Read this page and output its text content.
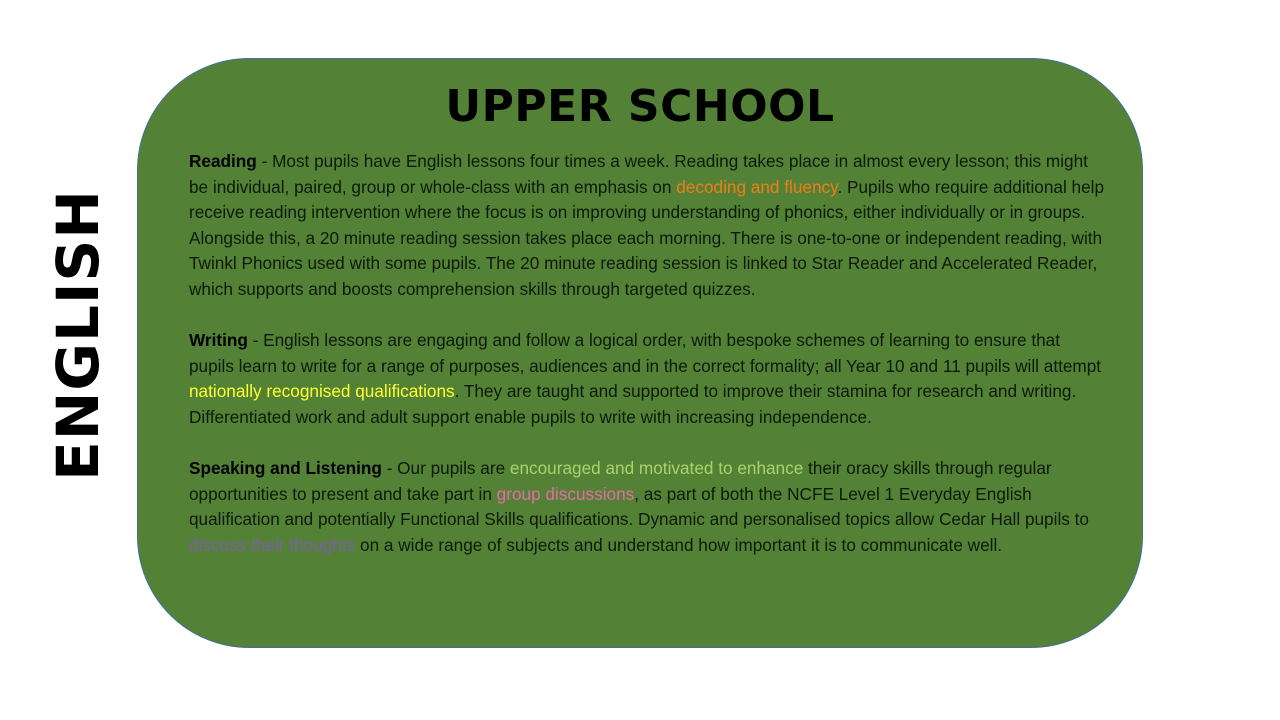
ENGLISH
UPPER SCHOOL

Reading - Most pupils have English lessons four times a week. Reading takes place in almost every lesson; this might be individual, paired, group or whole-class with an emphasis on decoding and fluency. Pupils who require additional help receive reading intervention where the focus is on improving understanding of phonics, either individually or in groups. Alongside this, a 20 minute reading session takes place each morning. There is one-to-one or independent reading, with Twinkl Phonics used with some pupils. The 20 minute reading session is linked to Star Reader and Accelerated Reader, which supports and boosts comprehension skills through targeted quizzes.

Writing - English lessons are engaging and follow a logical order, with bespoke schemes of learning to ensure that pupils learn to write for a range of purposes, audiences and in the correct formality; all Year 10 and 11 pupils will attempt nationally recognised qualifications. They are taught and supported to improve their stamina for research and writing. Differentiated work and adult support enable pupils to write with increasing independence.

Speaking and Listening - Our pupils are encouraged and motivated to enhance their oracy skills through regular opportunities to present and take part in group discussions, as part of both the NCFE Level 1 Everyday English qualification and potentially Functional Skills qualifications. Dynamic and personalised topics allow Cedar Hall pupils to discuss their thoughts on a wide range of subjects and understand how important it is to communicate well.
